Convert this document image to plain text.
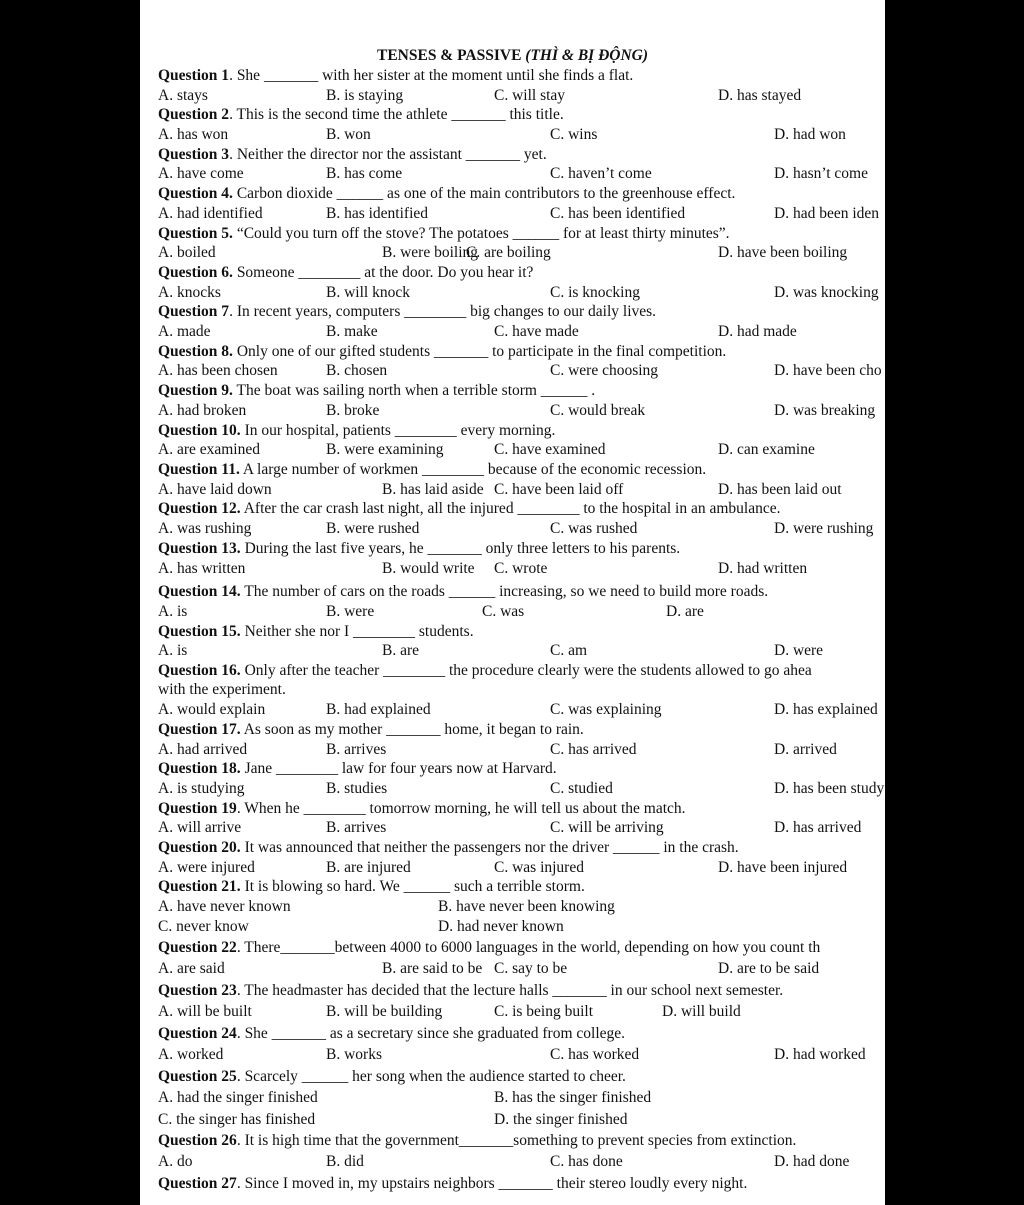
TENSES & PASSIVE (THÌ & BỊ ĐỘNG)
Question 1. She _______ with her sister at the moment until she finds a flat.
A. stays	B. is staying	C. will stay	D. has stayed
Question 2. This is the second time the athlete _______ this title.
A. has won	B. won	C. wins	D. had won
Question 3. Neither the director nor the assistant _______ yet.
A. have come	B. has come	C. haven’t come	D. hasn’t come
Question 4. Carbon dioxide ______ as one of the main contributors to the greenhouse effect.
A. had identified	B. has identified	C. has been identified	D. had been iden
Question 5. “Could you turn off the stove? The potatoes ______ for at least thirty minutes”.
A. boiled	B. were boiling
C. are boiling	D. have been boiling
Question 6. Someone ________ at the door. Do you hear it?
A. knocks	B. will knock	C. is knocking	D. was knocking
Question 7. In recent years, computers ________ big changes to our daily lives.
A. made	B. make	C. have made	D. had made
Question 8. Only one of our gifted students _______ to participate in the final competition.
A. has been chosen	B. chosen	C. were choosing	D. have been cho
Question 9. The boat was sailing north when a terrible storm ______ .
A. had broken	B. broke	C. would break	D. was breaking
Question 10. In our hospital, patients ________ every morning.
A. are examined	B. were examining	C. have examined	D. can examine
Question 11. A large number of workmen ________ because of the economic recession.
A. have laid down	B. has laid aside C. have been laid off	D. has been laid out
Question 12. After the car crash last night, all the injured ________ to the hospital in an ambulance.
A. was rushing	B. were rushed	C. was rushed	D. were rushing
Question 13. During the last five years, he _______ only three letters to his parents.
A. has written	B. would write C. wrote	D. had written
Question 14. The number of cars on the roads ______ increasing, so we need to build more roads.
A. is	B. were	C. was	D. are
Question 15. Neither she nor I ________ students.
A. is	B. are	C. am	D. were
Question 16. Only after the teacher ________ the procedure clearly were the students allowed to go ahea
with the experiment.
A. would explain	B. had explained	C. was explaining	D. has explained
Question 17. As soon as my mother _______ home, it began to rain.
A. had arrived	B. arrives	C. has arrived	D. arrived
Question 18. Jane ________ law for four years now at Harvard.
A. is studying	B. studies	C. studied	D. has been study
Question 19. When he ________ tomorrow morning, he will tell us about the match.
A. will arrive	B. arrives	C. will be arriving	D. has arrived
Question 20. It was announced that neither the passengers nor the driver ______ in the crash.
A. were injured	B. are injured	C. was injured	D. have been injured
Question 21. It is blowing so hard. We ______ such a terrible storm.
A. have never known	B. have never been knowing
C. never know	D. had never known
Question 22. There_______between 4000 to 6000 languages in the world, depending on how you count th
A. are said	B. are said to be C. say to be	D. are to be said
Question 23. The headmaster has decided that the lecture halls _______ in our school next semester.
A. will be built	B. will be building	C. is being built	D. will build
Question 24. She _______ as a secretary since she graduated from college.
A. worked	B. works	C. has worked	D. had worked
Question 25. Scarcely ______ her song when the audience started to cheer.
A. had the singer finished	B. has the singer finished
C. the singer has finished	D. the singer finished
Question 26. It is high time that the government_______something to prevent species from extinction.
A. do	B. did	C. has done	D. had done
Question 27. Since I moved in, my upstairs neighbors _______ their stereo loudly every night.
